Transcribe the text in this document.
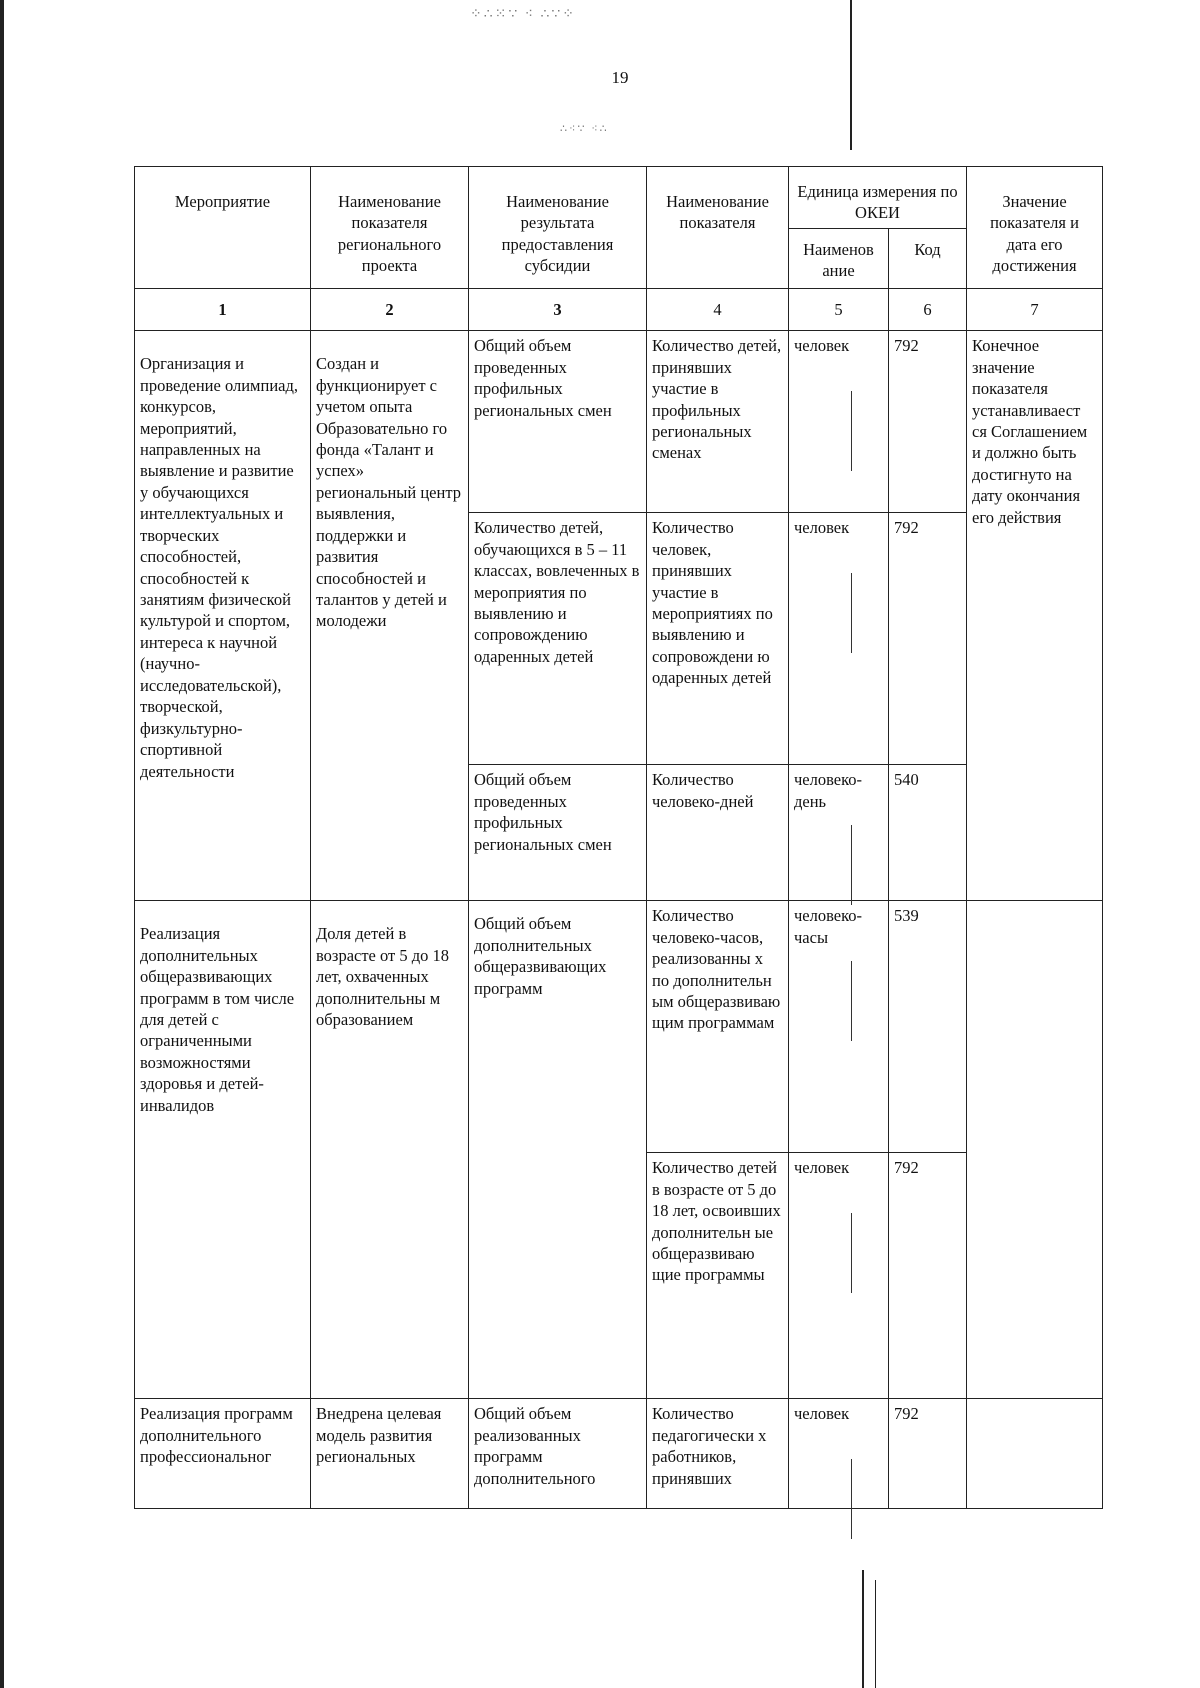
⁘∴⁙∵ ⁖ ∴∵⁘
∴⁖∵ ⁖∴
19
Мероприятие	Наименование показателя регионального проекта	Наименование результата предоставления субсидии	Наименование показателя	Единица измерения по ОКЕИ		Значение показателя и дата его достижения
				Наименов ание	Код	
1	2	3	4	5	6	7
Организация и проведение олимпиад, конкурсов, мероприятий, направленных на выявление и развитие у обучающихся интеллектуальных и творческих способностей, способностей к занятиям физической культурой и спортом, интереса к научной (научно-исследовательской), творческой, физкультурно-спортивной деятельности	Создан и функционирует с учетом опыта Образовательно го фонда «Талант и успех» региональный центр выявления, поддержки и развития способностей и талантов у детей и молодежи	Общий объем проведенных профильных региональных смен	Количество детей, принявших участие в профильных региональных сменах	человек	792	Конечное значение показателя устанавливаест ся Соглашением и должно быть достигнуто на дату окончания его действия
		Количество детей, обучающихся в 5 – 11 классах, вовлеченных в мероприятия по выявлению и сопровождению одаренных детей	Количество человек, принявших участие в мероприятиях по выявлению и сопровождени ю одаренных детей	человек	792	
		Общий объем проведенных профильных региональных смен	Количество человеко-дней	человеко-день	540	
Реализация дополнительных общеразвивающих программ в том числе для детей с ограниченными возможностями здоровья и детей-инвалидов	Доля детей в возрасте от 5 до 18 лет, охваченных дополнительны м образованием	Общий объем дополнительных общеразвивающих программ	Количество человеко-часов, реализованны х по дополнительн ым общеразвиваю щим программам	человеко-часы	539	
			Количество детей в возрасте от 5 до 18 лет, освоивших дополнительн ые общеразвиваю щие программы	человек	792	
Реализация программ дополнительного профессиональног	Внедрена целевая модель развития региональных	Общий объем реализованных программ дополнительного	Количество педагогически х работников, принявших	человек	792	
